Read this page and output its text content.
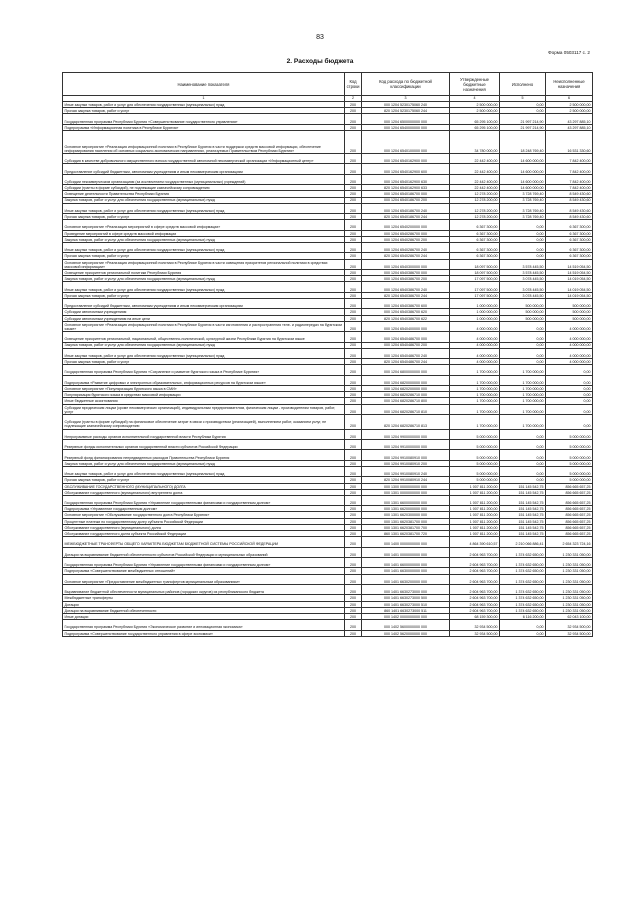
83
Форма 0503117 с. 2
2. Расходы бюджета
Наименование показателя	Код строки	Код расхода по бюджетной классификации	Утвержденные бюджетные назначения	Исполнено	Неисполненные назначения
1	2	3	4	5	6
Иные закупки товаров, работ и услуг для обеспечения государственных (муниципальных) нужд	200	000 1204 5230175060 240	2 500 000,00	0,00	2 500 000,00
Прочая закупка товаров, работ и услуг	200	820 1204 5230175060 244	2 500 000,00	0,00	2 500 000,00
Государственная программа Республики Бурятия «Совершенствование государственного управления»	200	000 1204 6500000000 000	65 295 100,00	21 997 214,90	43 297 885,10
Подпрограмма «Информационная политика в Республике Бурятия»	200	000 1204 6540000000 000	65 295 100,00	21 997 214,90	43 297 885,10
Основное мероприятие «Реализация информационной политики в Республике Бурятия в части поддержки средств массовой информации, обеспечение информирования населения об основных социально-экономических направлениях, реализуемых Правительством Республики Бурятия»	200	000 1204 6540100000 000	34 780 000,00	18 248 769,40	16 531 330,60
Субсидия в качестве добровольного имущественного взноса государственной автономной некоммерческой организации «Информационный центр»	200	000 1204 6540162900 000	22 442 400,00	14 600 000,00	7 842 400,00
Предоставление субсидий бюджетным, автономным учреждениям и иным некоммерческим организациям	200	000 1204 6540162900 600	22 442 400,00	14 600 000,00	7 842 400,00
Субсидии некоммерческим организациям (за исключением государственных (муниципальных) учреждений)	200	000 1204 6540162900 630	22 442 400,00	14 600 000,00	7 842 400,00
Субсидии (гранты в форме субсидий), не подлежащие казначейскому сопровождению	200	820 1204 6540162900 633	22 442 400,00	14 600 000,00	7 842 400,00
Освещение деятельности Правительства Республики Бурятия	200	000 1204 6540186700 000	12 278 200,00	3 728 769,40	8 549 430,60
Закупка товаров, работ и услуг для обеспечения государственных (муниципальных) нужд	200	000 1204 6540186700 200	12 278 200,00	3 728 769,40	8 549 430,60
Иные закупки товаров, работ и услуг для обеспечения государственных (муниципальных) нужд	200	000 1204 6540186700 240	12 278 200,00	3 728 769,40	8 549 430,60
Прочая закупка товаров, работ и услуг	200	820 1204 6540186700 244	12 278 200,00	3 728 769,40	8 549 430,60
Основное мероприятие «Реализация мероприятий в сфере средств массовой информации»	200	000 1204 6540200000 000	6 367 300,00	0,00	6 367 300,00
Проведение мероприятий в сфере средств массовой информации	200	000 1204 6540286700 000	6 367 300,00	0,00	6 367 300,00
Закупка товаров, работ и услуг для обеспечения государственных (муниципальных) нужд	200	000 1204 6540286700 200	6 367 300,00	0,00	6 367 300,00
Иные закупки товаров, работ и услуг для обеспечения государственных (муниципальных) нужд	200	000 1204 6540286700 240	6 367 300,00	0,00	6 367 300,00
Прочая закупка товаров, работ и услуг	200	820 1204 6540286700 244	6 367 300,00	0,00	6 367 300,00
Основное мероприятие «Реализация информационной политики в Республике Бурятия в части освещения приоритетов региональной политики в средствах массовой информации»	200	000 1204 6540300000 000	18 097 500,00	3 578 445,50	14 519 054,50
Освещение приоритетов региональной политики Республики Бурятия	200	000 1204 6540386700 000	18 097 500,00	3 578 445,50	14 519 054,50
Закупка товаров, работ и услуг для обеспечения государственных (муниципальных) нужд	200	000 1204 6540386700 200	17 097 500,00	3 078 445,50	14 019 054,50
Иные закупки товаров, работ и услуг для обеспечения государственных (муниципальных) нужд	200	000 1204 6540386700 240	17 097 500,00	3 078 445,50	14 019 054,50
Прочая закупка товаров, работ и услуг	200	820 1204 6540386700 244	17 097 500,00	3 078 445,50	14 019 054,50
Предоставление субсидий бюджетным, автономным учреждениям и иным некоммерческим организациям	200	000 1204 6540386700 600	1 000 000,00	500 000,00	500 000,00
Субсидии автономным учреждениям	200	000 1204 6540386700 620	1 000 000,00	500 000,00	500 000,00
Субсидии автономным учреждениям на иные цели	200	820 1204 6540386700 622	1 000 000,00	500 000,00	500 000,00
Основное мероприятие «Реализация информационной политики в Республике Бурятия в части изготовления и распространения теле- и радиопередач на бурятском языке»	200	000 1204 6540400000 000	4 000 000,00	0,00	4 000 000,00
Освещение приоритетов региональной, национальной, общественно-политической, культурной жизни Республики Бурятия на бурятском языке	200	000 1204 6540486700 000	4 000 000,00	0,00	4 000 000,00
Закупка товаров, работ и услуг для обеспечения государственных (муниципальных) нужд	200	000 1204 6540486700 200	4 000 000,00	0,00	4 000 000,00
Иные закупки товаров, работ и услуг для обеспечения государственных (муниципальных) нужд	200	000 1204 6540486700 240	4 000 000,00	0,00	4 000 000,00
Прочая закупка товаров, работ и услуг	200	820 1204 6540486700 244	4 000 000,00	0,00	4 000 000,00
Государственная программа Республики Бурятия «Сохранение и развитие бурятского языка в Республике Бурятия»	200	000 1204 6800000000 000	1 700 000,00	1 700 000,00	0,00
Подпрограмма «Развитие цифровых и электронных образовательных, информационных ресурсов на бурятском языке»	200	000 1204 6820000000 000	1 700 000,00	1 700 000,00	0,00
Основное мероприятие «Популяризация бурятского языка в СМИ»	200	000 1204 6820200000 000	1 700 000,00	1 700 000,00	0,00
Популяризация бурятского языка в средствах массовой информации	200	000 1204 6820286710 000	1 700 000,00	1 700 000,00	0,00
Иные бюджетные ассигнования	200	000 1204 6820286710 800	1 700 000,00	1 700 000,00	0,00
Субсидии юридическим лицам (кроме некоммерческих организаций), индивидуальным предпринимателям, физическим лицам - производителям товаров, работ, услуг	200	000 1204 6820286710 810	1 700 000,00	1 700 000,00	0,00
Субсидии (гранты в форме субсидий) на финансовое обеспечение затрат в связи с производством (реализацией), выполнением работ, оказанием услуг, не подлежащие казначейскому сопровождению	200	820 1204 6820286710 813	1 700 000,00	1 700 000,00	0,00
Непрограммные расходы органов исполнительной государственной власти Республики Бурятия	200	000 1204 9900000000 000	5 000 000,00	0,00	5 000 000,00
Резервные фонды исполнительных органов государственной власти субъектов Российской Федерации	200	000 1204 9910000000 000	5 000 000,00	0,00	5 000 000,00
Резервный фонд финансирования непредвиденных расходов Правительства Республики Бурятия	200	000 1204 9910080910 000	5 000 000,00	0,00	5 000 000,00
Закупка товаров, работ и услуг для обеспечения государственных (муниципальных) нужд	200	000 1204 9910080910 200	5 000 000,00	0,00	5 000 000,00
Иные закупки товаров, работ и услуг для обеспечения государственных (муниципальных) нужд	200	000 1204 9910080910 240	5 000 000,00	0,00	5 000 000,00
Прочая закупка товаров, работ и услуг	200	820 1204 9910080910 244	5 000 000,00	0,00	5 000 000,00
ОБСЛУЖИВАНИЕ ГОСУДАРСТВЕННОГО (МУНИЦИПАЛЬНОГО) ДОЛГА	200	000 1300 0000000000 000	1 007 811 200,00	151 145 542,75	856 665 657,25
Обслуживание государственного (муниципального) внутреннего долга	200	000 1301 0000000000 000	1 007 811 200,00	151 145 542,75	856 665 657,25
Государственная программа Республики Бурятия «Управление государственными финансами и государственным долгом»	200	000 1301 6600000000 000	1 007 811 200,00	151 145 542,75	856 665 657,25
Подпрограмма «Управление государственным долгом»	200	000 1301 6620000000 000	1 007 811 200,00	151 145 542,75	856 665 657,25
Основное мероприятие «Обслуживание государственного долга Республики Бурятия»	200	000 1301 6620300000 000	1 007 811 200,00	151 145 542,75	856 665 657,25
Процентные платежи по государственному долгу субъекта Российской Федерации	200	000 1301 6620381700 000	1 007 811 200,00	151 145 542,75	856 665 657,25
Обслуживание государственного (муниципального) долга	200	000 1301 6620381700 700	1 007 811 200,00	151 145 542,75	856 665 657,25
Обслуживание государственного долга субъекта Российской Федерации	200	860 1301 6620381700 720	1 007 811 200,00	151 145 542,75	856 665 657,25
МЕЖБЮДЖЕТНЫЕ ТРАНСФЕРТЫ ОБЩЕГО ХАРАКТЕРА БЮДЖЕТАМ БЮДЖЕТНОЙ СИСТЕМЫ РОССИЙСКОЙ ФЕДЕРАЦИИ	200	000 1400 0000000000 000	4 864 390 610,57	2 210 066 886,41	2 654 323 724,16
Дотации на выравнивание бюджетной обеспеченности субъектов Российской Федерации и муниципальных образований	200	000 1401 0000000000 000	2 604 963 700,00	1 374 632 650,00	1 230 331 050,00
Государственная программа Республики Бурятия «Управление государственными финансами и государственным долгом»	200	000 1401 6600000000 000	2 604 963 700,00	1 374 632 650,00	1 230 331 050,00
Подпрограмма «Совершенствование межбюджетных отношений»	200	000 1401 6630000000 000	2 604 963 700,00	1 374 632 650,00	1 230 331 050,00
Основное мероприятие «Предоставление межбюджетных трансфертов муниципальным образованиям»	200	000 1401 6630200000 000	2 604 963 700,00	1 374 632 650,00	1 230 331 050,00
Выравнивание бюджетной обеспеченности муниципальных районов (городских округов) из республиканского бюджета	200	000 1401 6630273000 000	2 604 963 700,00	1 374 632 650,00	1 230 331 050,00
Межбюджетные трансферты	200	000 1401 6630273000 500	2 604 963 700,00	1 374 632 650,00	1 230 331 050,00
Дотации	200	000 1401 6630273000 510	2 604 963 700,00	1 374 632 650,00	1 230 331 050,00
Дотации на выравнивание бюджетной обеспеченности	200	860 1401 6630273000 511	2 604 963 700,00	1 374 632 650,00	1 230 331 050,00
Иные дотации	200	000 1402 0000000000 000	68 159 300,00	6 116 200,00	62 043 100,00
Государственная программа Республики Бурятия «Экономическое развитие и инновационная экономика»	200	000 1402 5600000000 000	32 934 500,00	0,00	32 934 500,00
Подпрограмма «Совершенствование государственного управления в сфере экономики»	200	000 1402 5620000000 000	32 934 500,00	0,00	32 934 500,00
